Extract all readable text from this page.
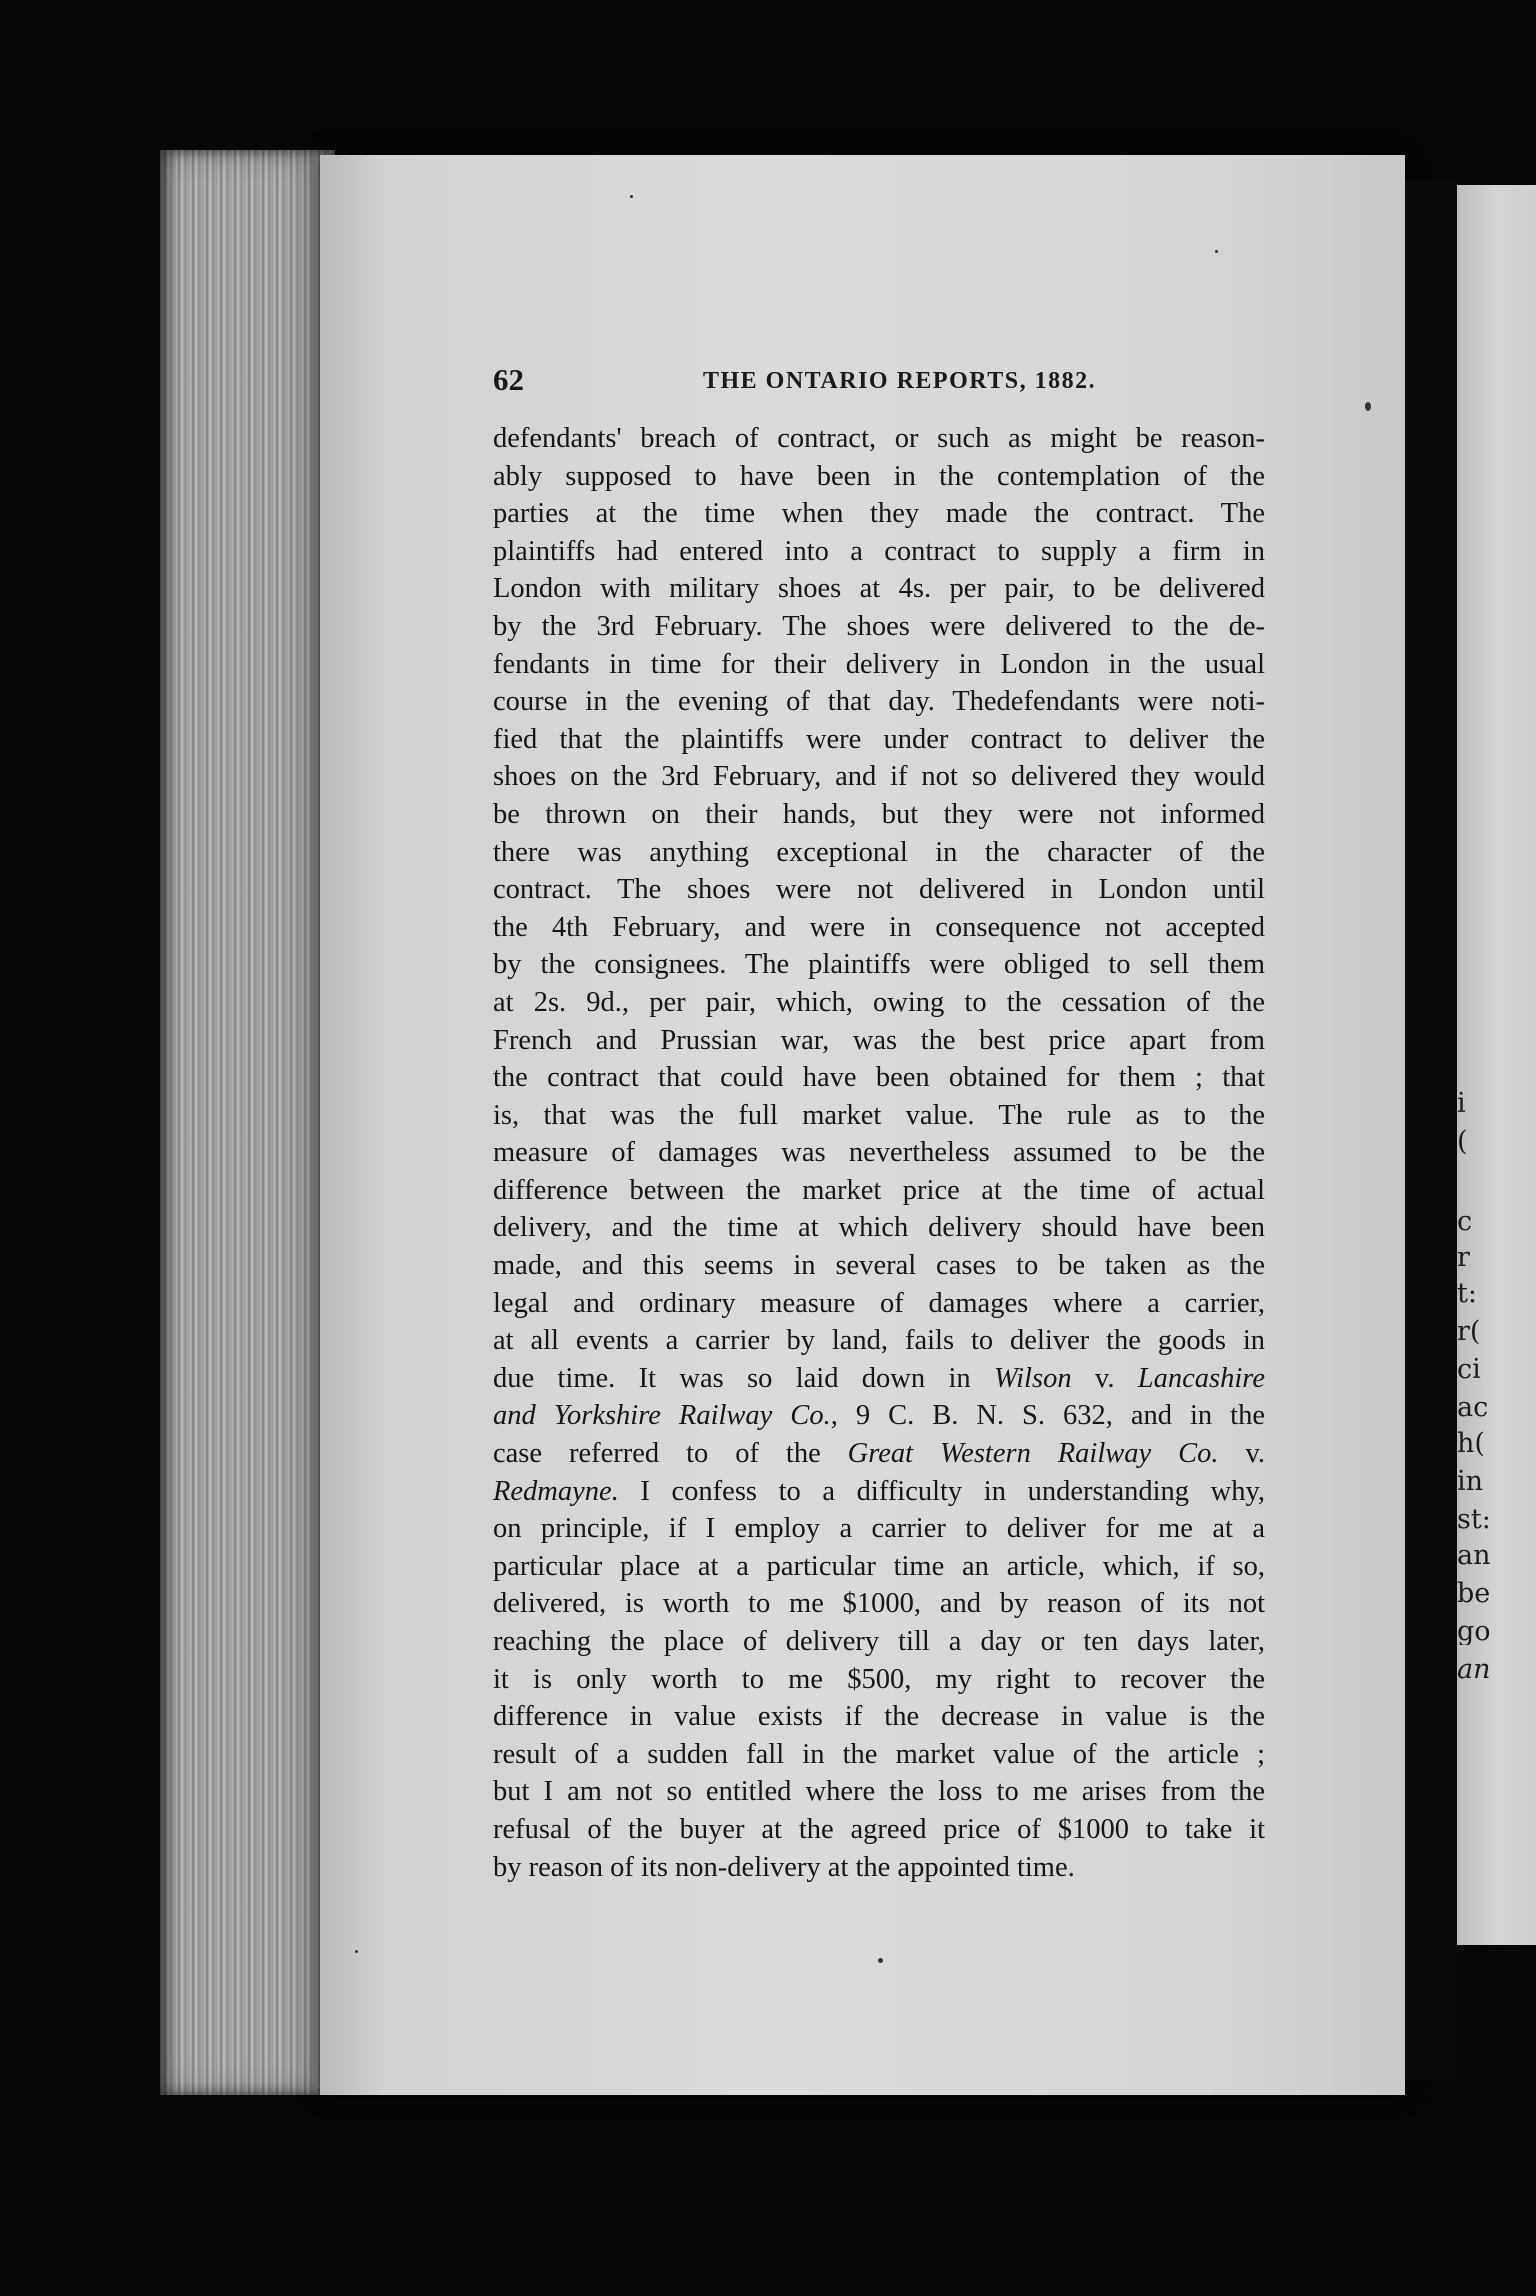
i
(
c
r
t:
r(
ci
ac
h(
in
st:
an
be
go
an
62	THE ONTARIO REPORTS, 1882.
defendants' breach of contract, or such as might be reason-
ably supposed to have been in the contemplation of the
parties at the time when they made the contract. The
plaintiffs had entered into a contract to supply a firm in
London with military shoes at 4s. per pair, to be delivered
by the 3rd February. The shoes were delivered to the de-
fendants in time for their delivery in London in the usual
course in the evening of that day. Thedefendants were noti-
fied that the plaintiffs were under contract to deliver the
shoes on the 3rd February, and if not so delivered they would
be thrown on their hands, but they were not informed
there was anything exceptional in the character of the
contract. The shoes were not delivered in London until
the 4th February, and were in consequence not accepted
by the consignees. The plaintiffs were obliged to sell them
at 2s. 9d., per pair, which, owing to the cessation of the
French and Prussian war, was the best price apart from
the contract that could have been obtained for them ; that
is, that was the full market value. The rule as to the
measure of damages was nevertheless assumed to be the
difference between the market price at the time of actual
delivery, and the time at which delivery should have been
made, and this seems in several cases to be taken as the
legal and ordinary measure of damages where a carrier,
at all events a carrier by land, fails to deliver the goods in
due time. It was so laid down in Wilson v. Lancashire
and Yorkshire Railway Co., 9 C. B. N. S. 632, and in the
case referred to of the Great Western Railway Co. v.
Redmayne. I confess to a difficulty in understanding why,
on principle, if I employ a carrier to deliver for me at a
particular place at a particular time an article, which, if so,
delivered, is worth to me $1000, and by reason of its not
reaching the place of delivery till a day or ten days later,
it is only worth to me $500, my right to recover the
difference in value exists if the decrease in value is the
result of a sudden fall in the market value of the article ;
but I am not so entitled where the loss to me arises from the
refusal of the buyer at the agreed price of $1000 to take it
by reason of its non-delivery at the appointed time.
